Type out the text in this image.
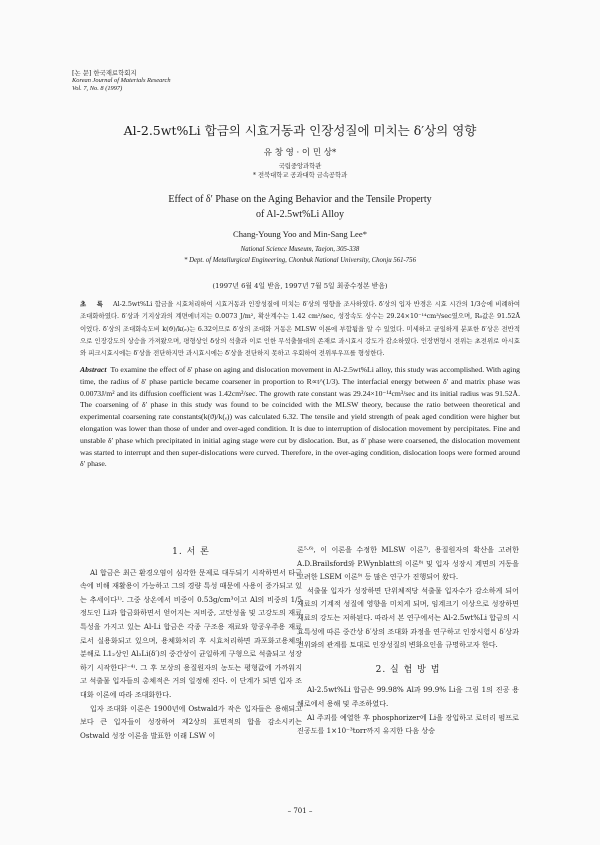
[논 문] 한국재료학회지
Korean Journal of Materials Research
Vol. 7, No. 8 (1997)
Al-2.5wt%Li 합금의 시효거동과 인장성질에 미치는 δ′상의 영향
유 창 영 · 이 민 상*
국립중앙과학관
* 전북대학교 공과대학 금속공학과
Effect of δ′ Phase on the Aging Behavior and the Tensile Property
of Al-2.5wt%Li Alloy
Chang-Young Yoo and Min-Sang Lee*
National Science Museum, Taejon, 305-338
* Dept. of Metallurgical Engineering, Chonbuk National University, Chonju 561-756
(1997년 6월 4일 받음, 1997년 7월 5일 최종수정본 받음)
초 록 Al-2.5wt%Li 합금을 시효처리하여 시효거동과 인장성질에 미치는 δ′상의 영향을 조사하였다. δ′상의 입자 반경은 시효 시간의 1/3승에 비례하여 조대화하였다. δ′상과 기지상과의 계면에너지는 0.0073 J/m², 확산계수는 1.42 cm²/sec, 성장속도 상수는 29.24×10⁻¹⁴cm³/sec였으며, R₀값은 91.52Å 이었다. δ′상의 조대화속도비 k(ϑ)/k(ₑ)는 6.32이므로 δ′상의 조대화 거동은 MLSW 이론에 부합됨을 알 수 있었다. 미세하고 균일하게 분포한 δ′상은 전반적으로 인장강도의 상승을 가져왔으며, 평형상인 δ상의 석출과 이로 인한 무석출물대의 존재로 과시효시 강도가 감소하였다. 인장변형시 전위는 초전위로 아시효와 피크시효시에는 δ′상을 전단하지만 과시효시에는 δ′상을 전단하지 못하고 우회하여 전위루우프를 형성한다.
Abstract To examine the effect of δ′ phase on aging and dislocation movement in Al-2.5wt%Li alloy, this study was accomplished. With aging time, the radius of δ′ phase particle became coarsener in proportion to R∝t^(1/3). The interfacial energy between δ′ and matrix phase was 0.0073J/m² and its diffusion coefficient was 1.42cm²/sec. The growth rate constant was 29.24×10⁻¹⁴cm³/sec and its initial radius was 91.52Å. The coarsening of δ′ phase in this study was found to be coincided with the MLSW theory, because the ratio between theoretical and experimental coarsening rate constants(k(ϑ)/k(ₑ)) was calculated 6.32. The tensile and yield strength of peak aged condition were higher but elongation was lower than those of under and over-aged condition. It is due to interruption of dislocation movement by percipitates. Fine and unstable δ′ phase which precipitated in initial aging stage were cut by dislocation. But, as δ′ phase were coarsened, the dislocation movement was started to interrupt and then super-dislocations were curved. Therefore, in the over-aging condition, dislocation loops were formed around δ′ phase.
1. 서 론

Al 합금은 최근 환경오염이 심각한 문제로 대두되기 시작하면서 타금속에 비해 재활용이 가능하고 그의 경량 특성 때문에 사용이 증가되고 있는 추세이다¹⁾. 그중 상온에서 비중이 0.53g/cm³이고 Al의 비중의 1/5 정도인 Li과 합금화하면서 얻어지는 저비중, 고탄성율 및 고강도의 재료특성을 가지고 있는 Al-Li 합금은 각종 구조용 재료와 항공우주용 재료로서 실용화되고 있으며, 용체화처리 후 시효처리하면 과포화고용체의 분해로 L1₂상인 Al₃Li(δ′)의 중간상이 균일하게 구형으로 석출되고 성장하기 시작한다²⁻⁴⁾. 그 후 모상의 용질원자의 농도는 평형값에 가까워지고 석출물 입자들의 총체적은 거의 일정해 진다. 이 단계가 되면 입자 조대화 이론에 따라 조대화한다.

입자 조대화 이론은 1900년에 Ostwald가 작은 입자들은 용해되고 보다 큰 입자들이 성장하여 제2상의 표면적의 합을 감소시키는 Ostwald 성장 이론을 발표한 이래 LSW 이

론⁵·⁶⁾, 이 이론을 수정한 MLSW 이론⁷⁾, 용질원자의 확산을 고려한 A.D.Brailsford와 P.Wynblatt의 이론⁸⁾ 및 입자 성장시 계면의 거동을 고려한 LSEM 이론⁹⁾ 등 많은 연구가 진행되어 왔다.

석출물 입자가 성장하면 단위체적당 석출물 입자수가 감소하게 되어 재료의 기계적 성질에 영향을 미치게 되며, 임계크기 이상으로 성장하면 재료의 강도는 저하된다. 따라서 본 연구에서는 Al-2.5wt%Li 합금의 시효특성에 따른 중간상 δ′상의 조대화 과정을 연구하고 인장시험시 δ′상과 전위와의 관계를 토대로 인장성질의 변화요인을 규명하고자 한다.

2. 실 험 방 법

Al-2.5wt%Li 합금은 99.98% Al과 99.9% Li을 그림 1의 진공 용해로에서 용해 및 주조하였다.

Al 주괴를 예열한 후 phosphorizer에 Li을 장입하고 로터리 펌프로 진공도를 1×10⁻³torr까지 유지한 다음 상승

– 701 –
